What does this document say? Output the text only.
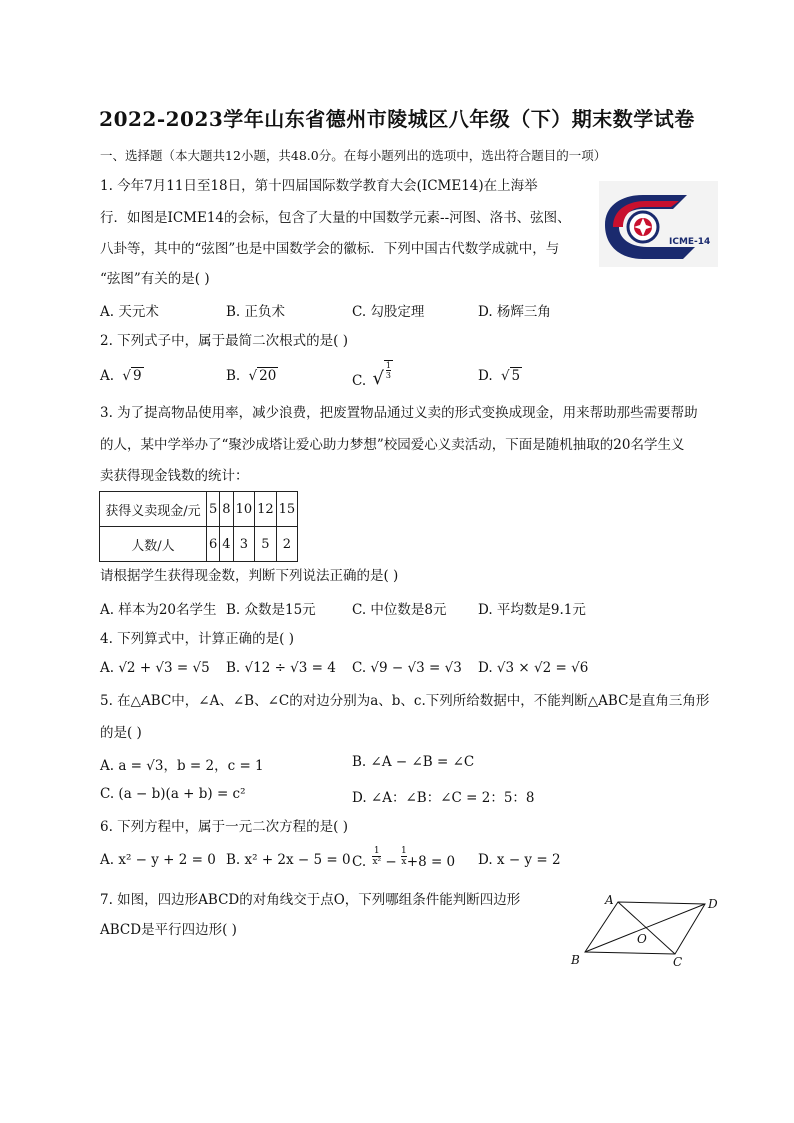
2022-2023学年山东省德州市陵城区八年级（下）期末数学试卷
一、选择题（本大题共12小题，共48.0分。在每小题列出的选项中，选出符合题目的一项）
1. 今年7月11日至18日，第十四届国际数学教育大会(ICME14)在上海举
行．如图是ICME14的会标，包含了大量的中国数学元素--河图、洛书、弦图、
八卦等，其中的“弦图”也是中国数学会的徽标．下列中国古代数学成就中，与
“弦图”有关的是( )
ICME-14
A. 天元术	B. 正负术	C. 勾股定理	D. 杨辉三角
2. 下列式子中，属于最简二次根式的是( )
A. √ 9	B. √ 20	C. √ $\frac{1}{3}$	D. √ 5
3. 为了提高物品使用率，减少浪费，把废置物品通过义卖的形式变换成现金，用来帮助那些需要帮助
的人，某中学举办了“聚沙成塔让爱心助力梦想”校园爱心义卖活动，下面是随机抽取的20名学生义
卖获得现金钱数的统计：
获得义卖现金/元	5	8	10	12	15
人数/人	6	4	3	5	2
请根据学生获得现金数，判断下列说法正确的是( )
A. 样本为20名学生 B. 众数是15元	C. 中位数是8元 D. 平均数是9.1元
4. 下列算式中，计算正确的是( )
A. √2 + √3 = √5 B. √12 ÷ √3 = 4 C. √9 − √3 = √3 D. √3 × √2 = √6
5. 在△ABC中，∠A、∠B、∠C的对边分别为a、b、c.下列所给数据中，不能判断△ABC是直角三角形
的是( )
A. a = √3，b = 2，c = 1	B. ∠A − ∠B = ∠C
C. (a − b)(a + b) = c²	D. ∠A：∠B：∠C = 2：5：8
6. 下列方程中，属于一元二次方程的是( )
A. x² − y + 2 = 0 B. x² + 2x − 5 = 0 C. $\frac{1}{\text{x²}} - \frac{1}{x} +8 = 0$ D. x − y = 2
7. 如图，四边形ABCD的对角线交于点O，下列哪组条件能判断四边形
ABCD是平行四边形( )
A	D
O
B	C
